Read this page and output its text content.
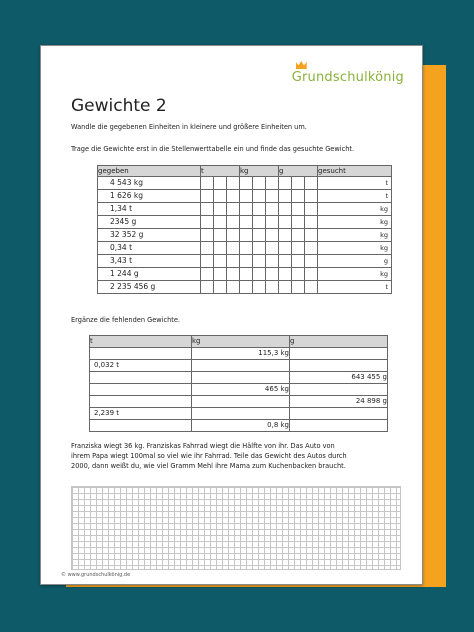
Grundschulkönig
Gewichte 2
Wandle die gegebenen Einheiten in kleinere und größere Einheiten um.
Trage die Gewichte erst in die Stellenwerttabelle ein und finde das gesuchte Gewicht.
gegeben	t			kg			g			gesucht
4 543 kg										t
1 626 kg										t
1,34 t										kg
2345 g										kg
32 352 g										kg
0,34 t										kg
3,43 t										g
1 244 g										kg
2 235 456 g										t
Ergänze die fehlenden Gewichte.
t	kg	g
	115,3 kg	
0,032 t		
		643 455 g
	465 kg	
		24 898 g
2,239 t		
	0,8 kg	
Franziska wiegt 36 kg. Franziskas Fahrrad wiegt die Hälfte von ihr. Das Auto von
ihrem Papa wiegt 100mal so viel wie ihr Fahrrad. Teile das Gewicht des Autos durch
2000, dann weißt du, wie viel Gramm Mehl ihre Mama zum Kuchenbacken braucht.
© www.grundschulkönig.de
